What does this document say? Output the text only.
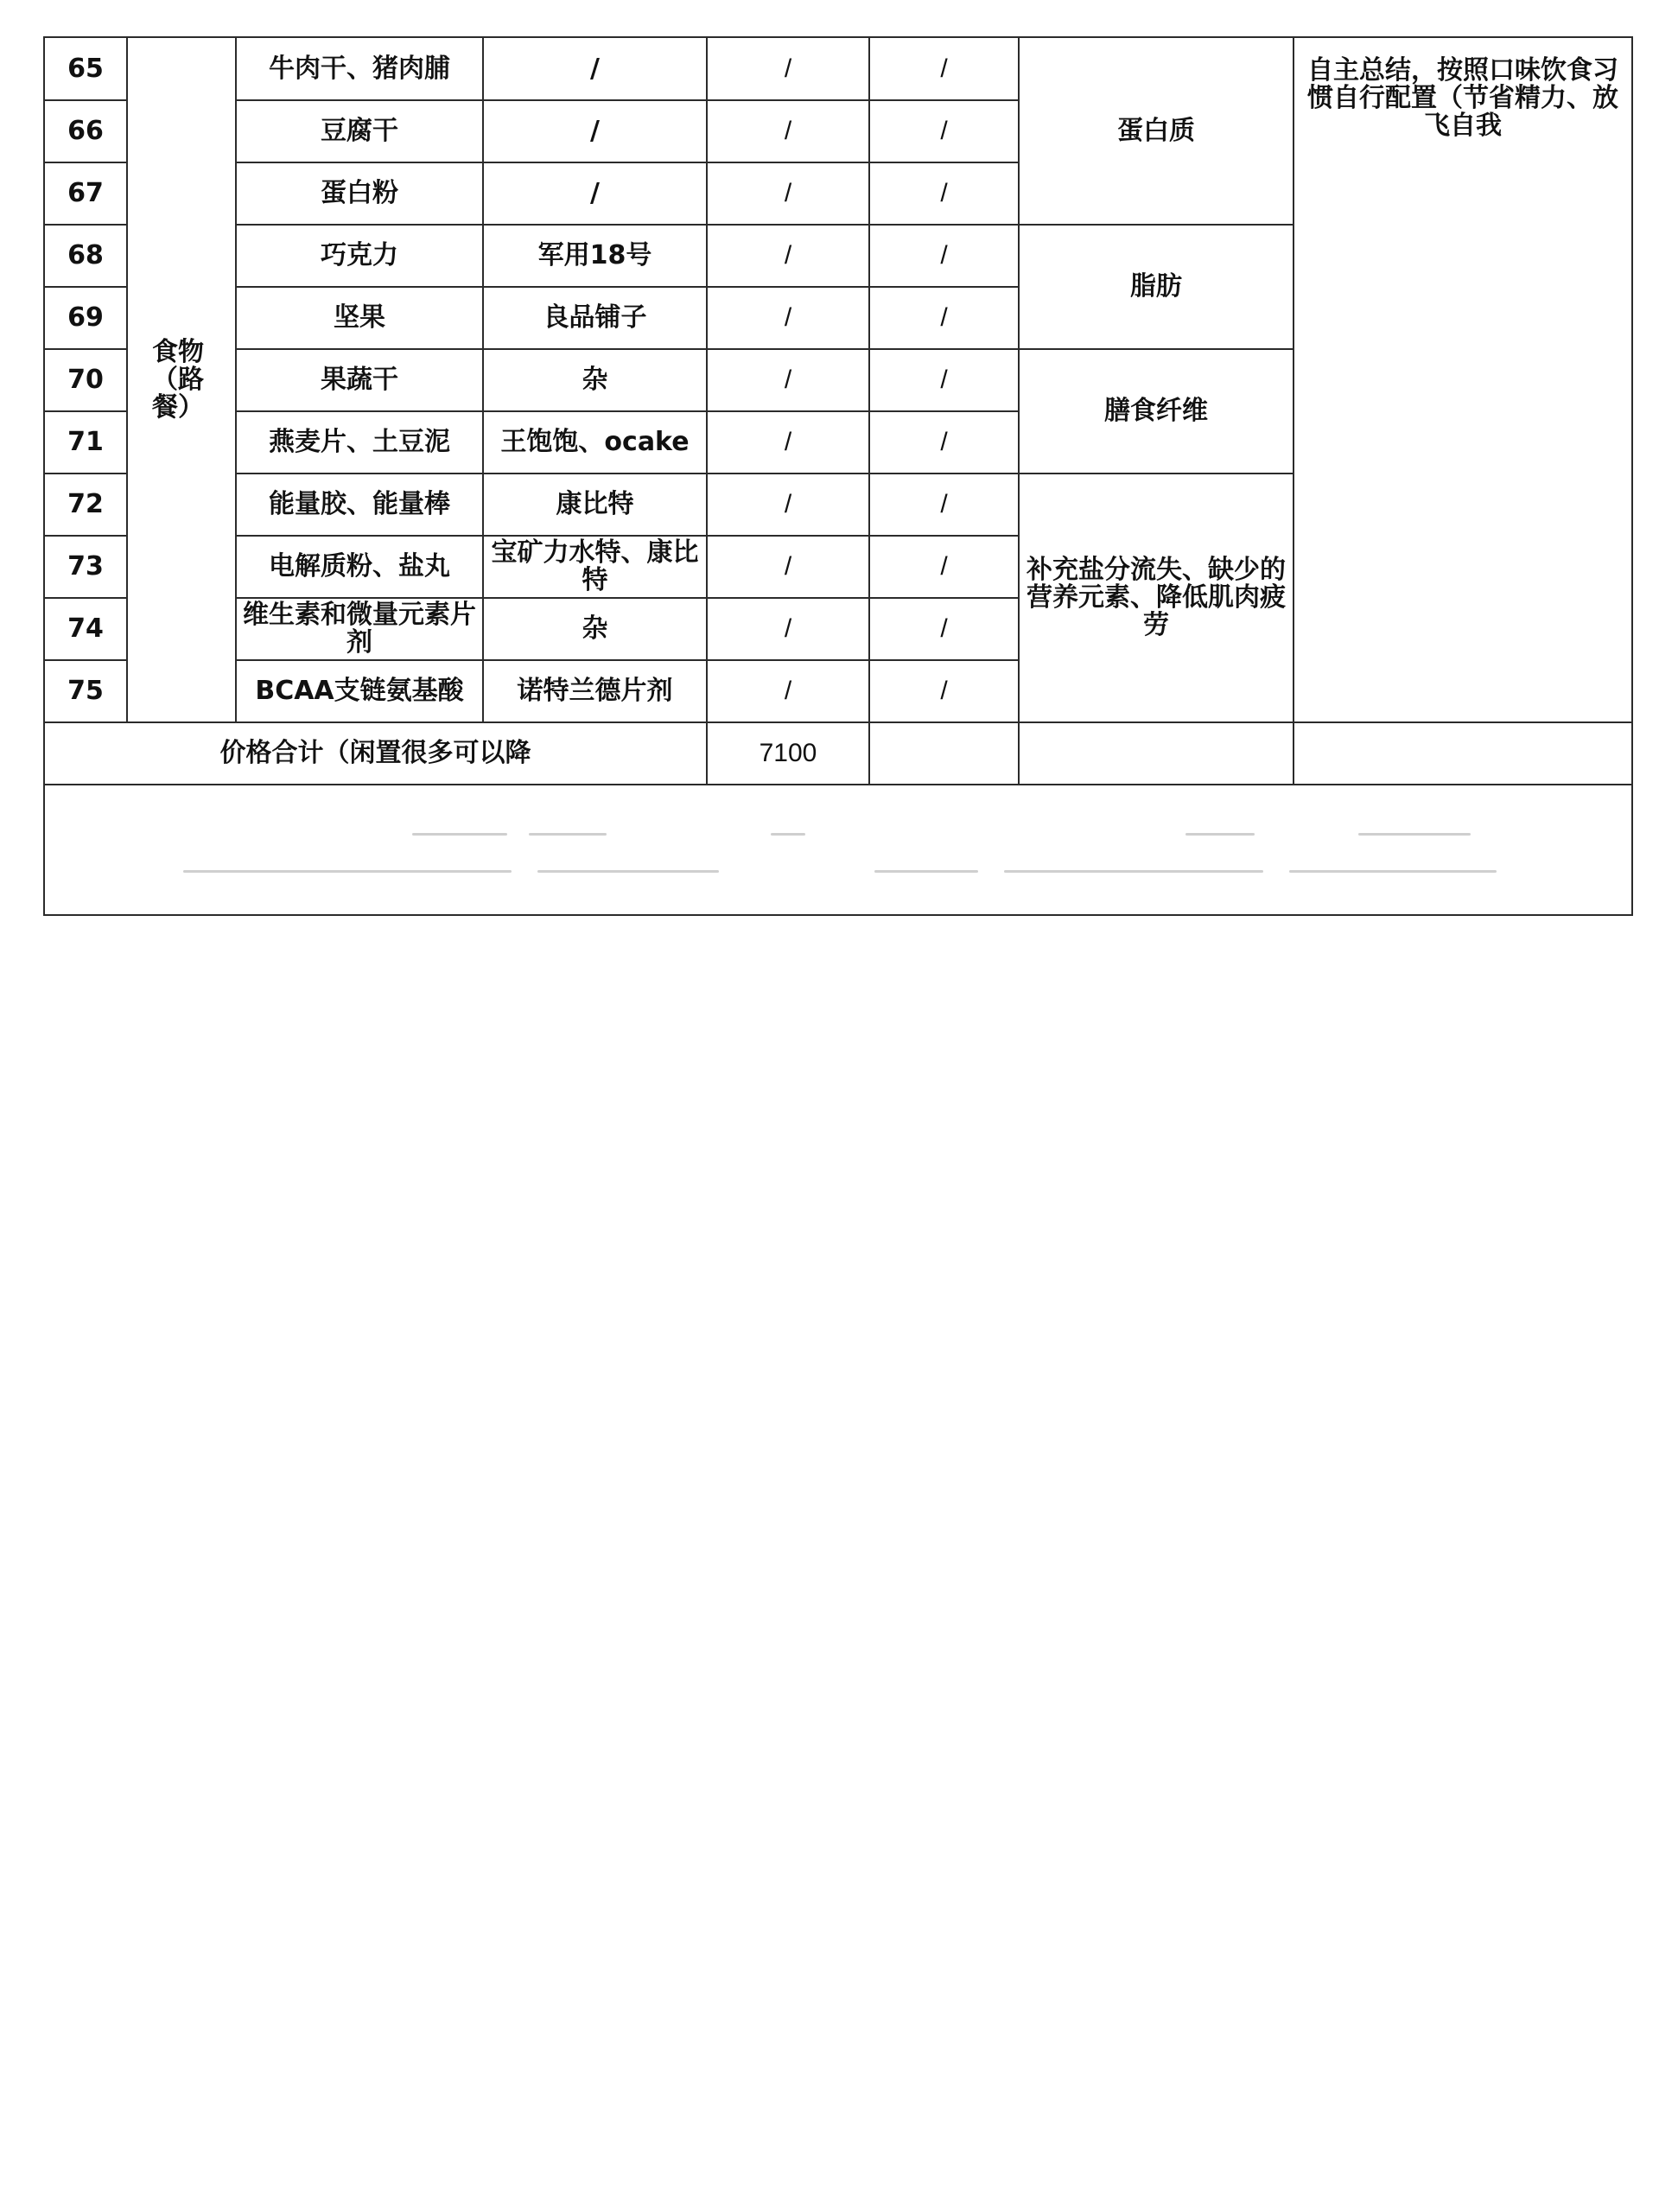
65	食物（路餐）	牛肉干、猪肉脯	/	/	/	蛋白质	自主总结，按照口味饮食习惯自行配置（节省精力、放飞自我
66		豆腐干	/	/	/		
67		蛋白粉	/	/	/		
68		巧克力	军用18号	/	/	脂肪	
69		坚果	良品铺子	/	/		
70		果蔬干	杂	/	/	膳食纤维	
71		燕麦片、土豆泥	王饱饱、ocake	/	/		
72		能量胶、能量棒	康比特	/	/	补充盐分流失、缺少的营养元素、降低肌肉疲劳	
73		电解质粉、盐丸	宝矿力水特、康比特	/	/		
74		维生素和微量元素片剂	杂	/	/		
75		BCAA支链氨基酸	诺特兰德片剂	/	/		
价格合计（闲置很多可以降				7100			
